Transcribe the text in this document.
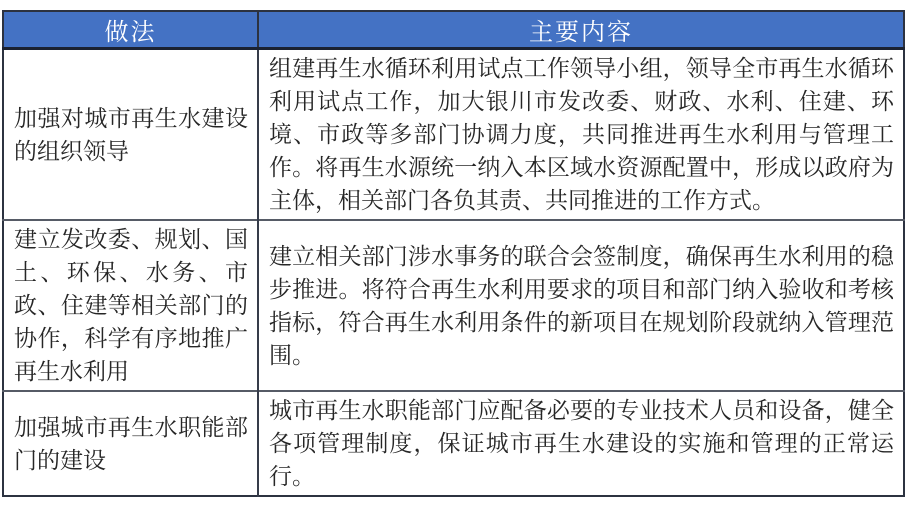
做法	主要内容
加强对城市再生水建设的组织领导	组建再生水循环利用试点工作领导小组，领导全市再生水循环利用试点工作，加大银川市发改委、财政、水利、住建、环境、市政等多部门协调力度，共同推进再生水利用与管理工作。将再生水源统一纳入本区域水资源配置中，形成以政府为主体，相关部门各负其责、共同推进的工作方式。
建立发改委、规划、国土、环保、水务、市政、住建等相关部门的协作，科学有序地推广再生水利用	建立相关部门涉水事务的联合会签制度，确保再生水利用的稳步推进。将符合再生水利用要求的项目和部门纳入验收和考核指标，符合再生水利用条件的新项目在规划阶段就纳入管理范围。
加强城市再生水职能部门的建设	城市再生水职能部门应配备必要的专业技术人员和设备，健全各项管理制度，保证城市再生水建设的实施和管理的正常运行。
